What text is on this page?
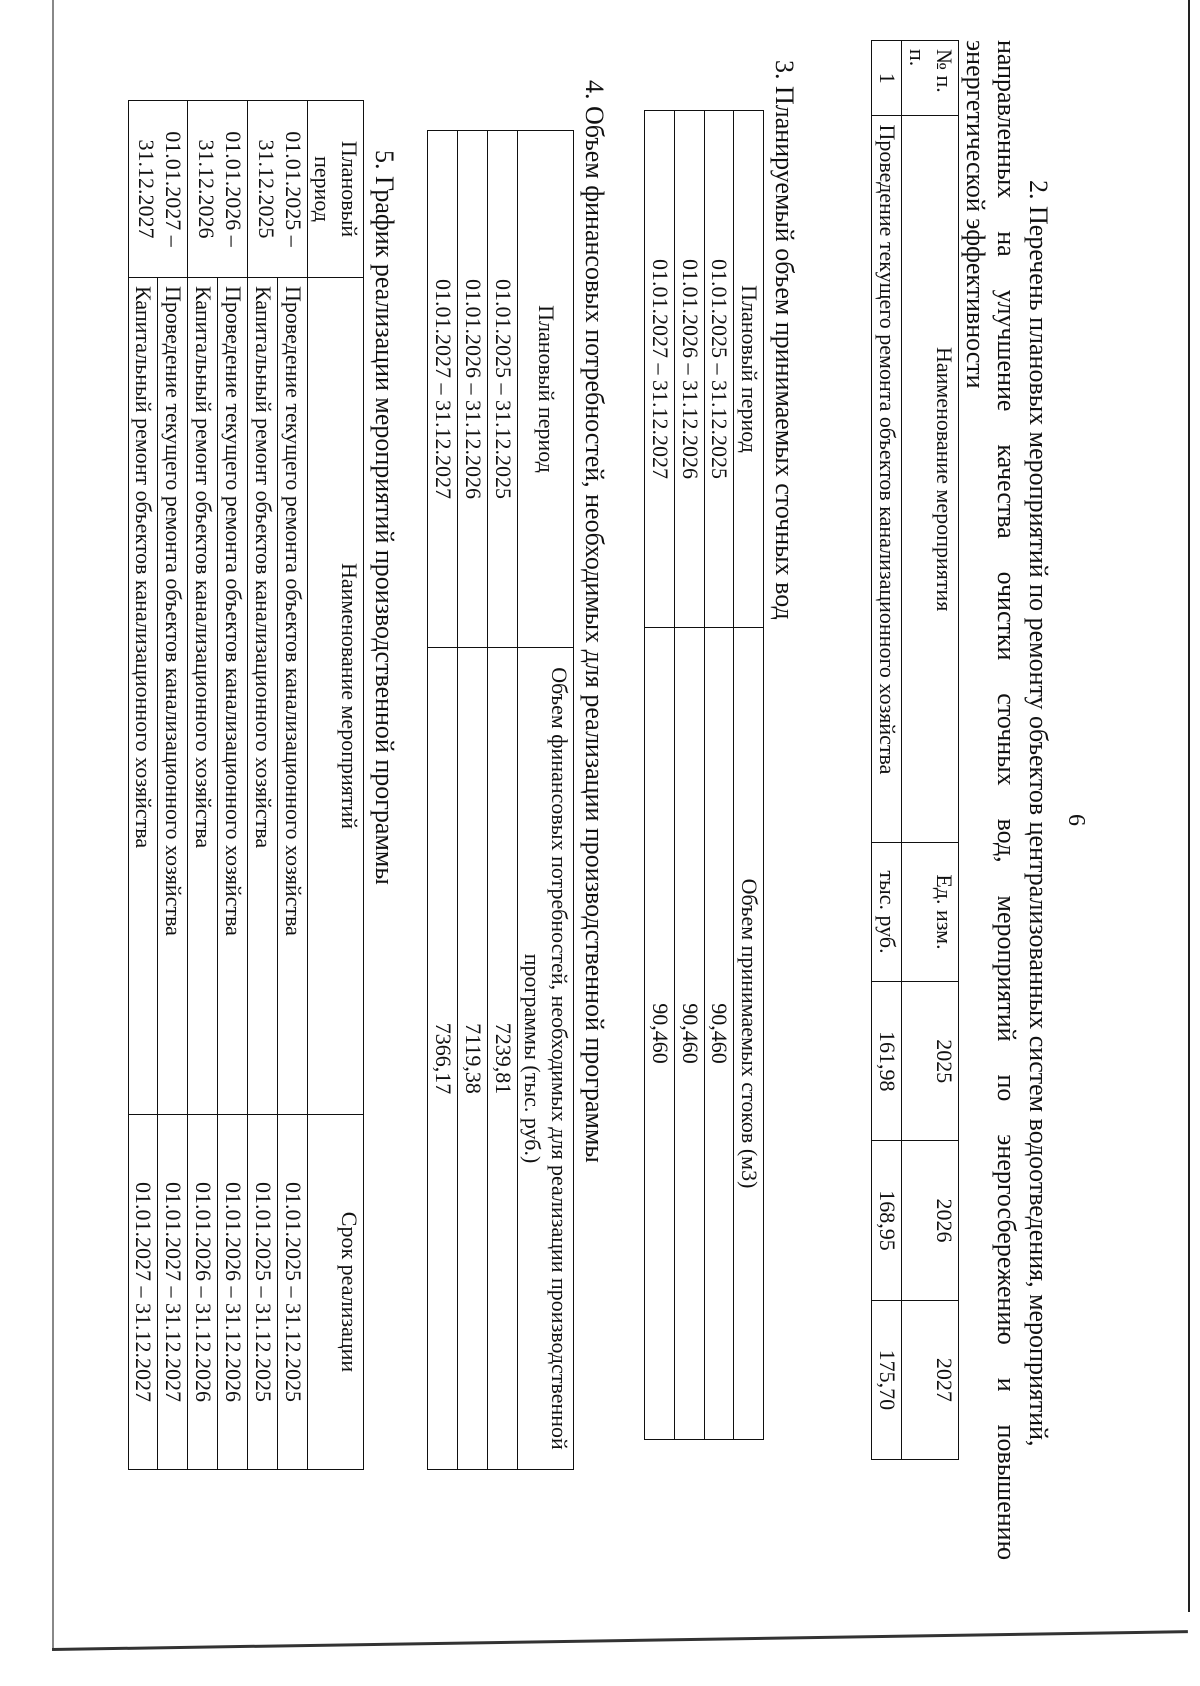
6

2. Перечень плановых мероприятий по ремонту объектов централизованных систем водоотведения, мероприятий,

направленных на улучшение качества очистки сточных вод, мероприятий по энергосбережению и повышению

энергетической эффективности

№ п. п.	Наименование мероприятия	Ед. изм.	2025	2026	2027
1	Проведение текущего ремонта объектов канализационного хозяйства	тыс. руб.	161,98	168,95	175,70

3. Планируемый объем принимаемых сточных вод

Плановый период	Объем принимаемых стоков (м3)
01.01.2025 – 31.12.2025	90,460
01.01.2026 – 31.12.2026	90,460
01.01.2027 – 31.12.2027	90,460

4. Объем финансовых потребностей, необходимых для реализации производственной программы

Плановый период	Объем финансовых потребностей, необходимых для реализации производственной программы (тыс. руб.)
01.01.2025 – 31.12.2025	7239,81
01.01.2026 – 31.12.2026	7119,38
01.01.2027 – 31.12.2027	7366,17

5. График реализации мероприятий производственной программы

Плановый период	Наименование мероприятий	Срок реализации
01.01.2025 – 31.12.2025	Проведение текущего ремонта объектов канализационного хозяйства	01.01.2025 – 31.12.2025
	Капитальный ремонт объектов канализационного хозяйства	01.01.2025 – 31.12.2025
01.01.2026 – 31.12.2026	Проведение текущего ремонта объектов канализационного хозяйства	01.01.2026 – 31.12.2026
	Капитальный ремонт объектов канализационного хозяйства	01.01.2026 – 31.12.2026
01.01.2027 – 31.12.2027	Проведение текущего ремонта объектов канализационного хозяйства	01.01.2027 – 31.12.2027
	Капитальный ремонт объектов канализационного хозяйства	01.01.2027 – 31.12.2027
